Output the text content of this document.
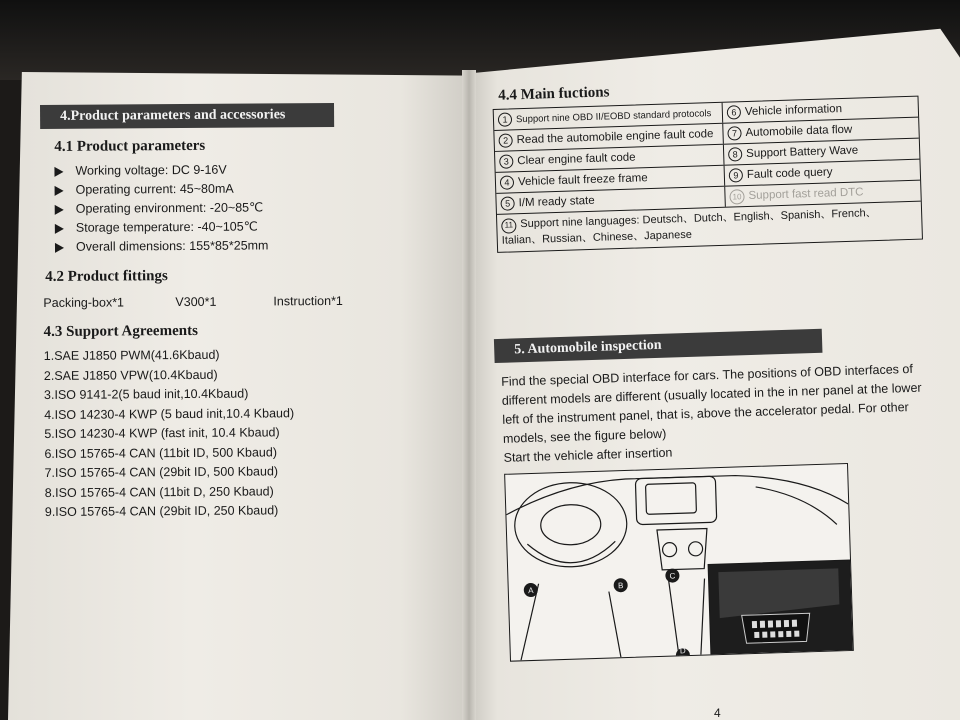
4.Product parameters and accessories
4.1 Product parameters
Working voltage: DC 9-16V
Operating current: 45~80mA
Operating environment: -20~85℃
Storage temperature: -40~105℃
Overall dimensions: 155*85*25mm
4.2 Product fittings
Packing-box*1	V300*1	Instruction*1
4.3 Support Agreements
1.SAE J1850 PWM(41.6Kbaud)
2.SAE J1850 VPW(10.4Kbaud)
3.ISO 9141-2(5 baud init,10.4Kbaud)
4.ISO 14230-4 KWP (5 baud init,10.4 Kbaud)
5.ISO 14230-4 KWP (fast init, 10.4 Kbaud)
6.ISO 15765-4 CAN (11bit ID, 500 Kbaud)
7.ISO 15765-4 CAN (29bit ID, 500 Kbaud)
8.ISO 15765-4 CAN (11bit D, 250 Kbaud)
9.ISO 15765-4 CAN (29bit ID, 250 Kbaud)
4.4 Main fuctions
1 Support nine OBD II/EOBD standard protocols	6 Vehicle information
2 Read the automobile engine fault code	7 Automobile data flow
3 Clear engine fault code	8 Support Battery Wave
4 Vehicle fault freeze frame	9 Fault code query
5 I/M ready state	10 Support fast read DTC
11 Support nine languages: Deutsch、Dutch、English、Spanish、French、Italian、Russian、Chinese、Japanese
5. Automobile inspection

Find the special OBD interface for cars. The positions of OBD interfaces of different models are different (usually located in the in ner panel at the lower left of the instrument panel, that is, above the accelerator pedal. For other models, see the figure below)

Start the vehicle after insertion

A
B
C
D
4
